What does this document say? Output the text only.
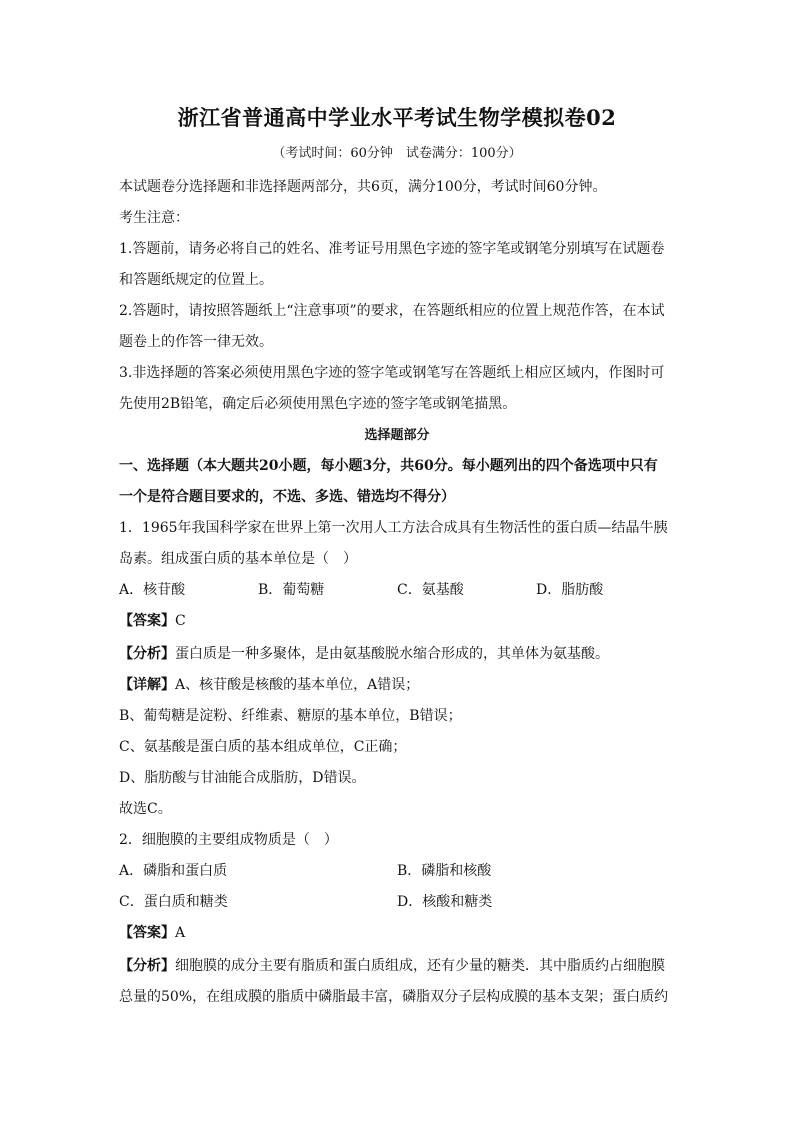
浙江省普通高中学业水平考试生物学模拟卷02
（考试时间：60分钟　试卷满分：100分）
本试题卷分选择题和非选择题两部分，共6页，满分100分，考试时间60分钟。
考生注意：
1.答题前，请务必将自己的姓名、准考证号用黑色字迹的签字笔或钢笔分别填写在试题卷
和答题纸规定的位置上。
2.答题时，请按照答题纸上“注意事项”的要求，在答题纸相应的位置上规范作答，在本试
题卷上的作答一律无效。
3.非选择题的答案必须使用黑色字迹的签字笔或钢笔写在答题纸上相应区域内，作图时可
先使用2B铅笔，确定后必须使用黑色字迹的签字笔或钢笔描黑。
选择题部分
一、选择题（本大题共20小题，每小题3分，共60分。每小题列出的四个备选项中只有
一个是符合题目要求的，不选、多选、错选均不得分）
1．1965年我国科学家在世界上第一次用人工方法合成具有生物活性的蛋白质—结晶牛胰
岛素。组成蛋白质的基本单位是（　）
A．核苷酸	B．葡萄糖	C．氨基酸	D．脂肪酸
【答案】C
【分析】蛋白质是一种多聚体，是由氨基酸脱水缩合形成的，其单体为氨基酸。
【详解】A、核苷酸是核酸的基本单位，A错误；
B、葡萄糖是淀粉、纤维素、糖原的基本单位，B错误；
C、氨基酸是蛋白质的基本组成单位，C正确；
D、脂肪酸与甘油能合成脂肪，D错误。
故选C。
2．细胞膜的主要组成物质是（　）
A．磷脂和蛋白质	B．磷脂和核酸
C．蛋白质和糖类	D．核酸和糖类
【答案】A
【分析】细胞膜的成分主要有脂质和蛋白质组成，还有少量的糖类．其中脂质约占细胞膜
总量的50%，在组成膜的脂质中磷脂最丰富，磷脂双分子层构成膜的基本支架；蛋白质约
